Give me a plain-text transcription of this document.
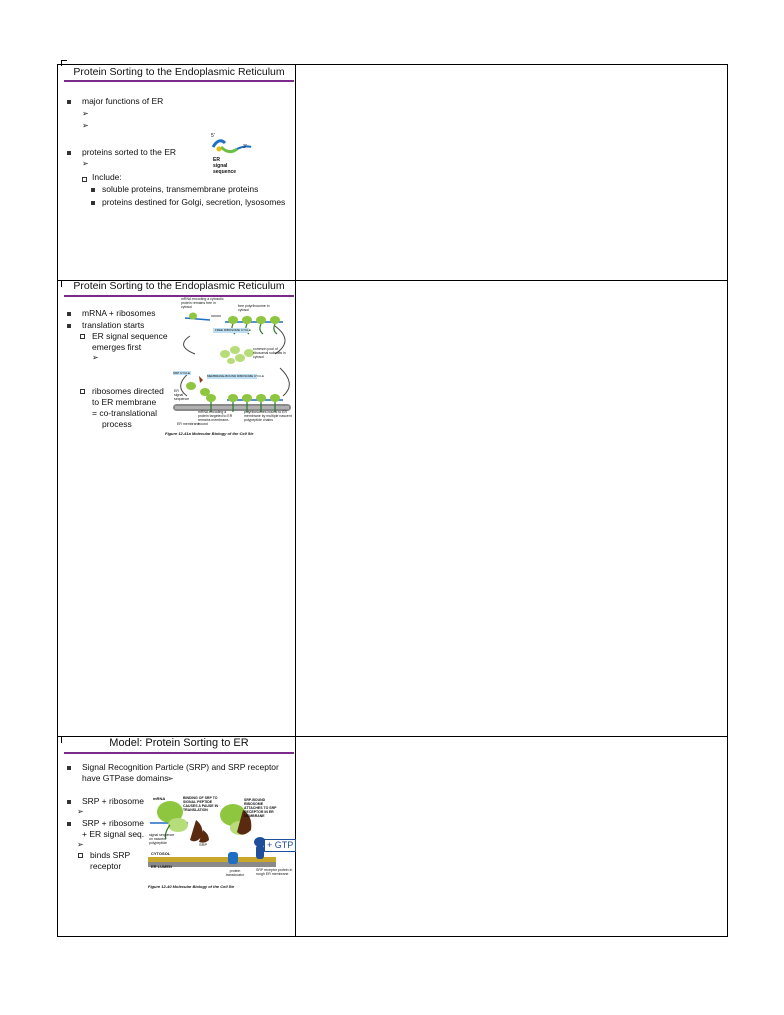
Protein Sorting to the Endoplasmic Reticulum
major functions of ER
➢
➢
proteins sorted to the ER
➢
Include:
soluble proteins, transmembrane proteins
proteins destined for Golgi, secretion, lysosomes
5'
3'
ER
signal
sequence
Protein Sorting to the Endoplasmic Reticulum
mRNA + ribosomes
translation starts
ER signal sequence
emerges first
➢
ribosomes directed
to ER membrane
= co-translational
process
mRNA encoding a cytosolic protein remains free in cytosol	free polyribosome in cytosol
FREE RIBOSOME CYCLE
common pool of ribosomal subunits in cytosol
MEMBRANE-BOUND RIBOSOME CYCLE
SRP CYCLE
ER signal sequence
mRNA encoding a protein targeted to ER remains membrane-bound
polyribosomes bound to ER membrane by multiple nascent polypeptide chains
ER membrane
Figure 12-41a Molecular Biology of the Cell 5/e
Model: Protein Sorting to ER
Signal Recognition Particle (SRP) and SRP receptor
have GTPase domains
➢
SRP + ribosome
➢
SRP + ribosome
+ ER signal seq.
➢
binds SRP
receptor
mRNA	BINDING OF SRP TO SIGNAL PEPTIDE CAUSES A PAUSE IN TRANSLATION
SRP-BOUND RIBOSOME ATTACHES TO SRP RECEPTOR IN ER MEMBRANE
signal sequence on nascent polypeptide	SRP
CYTOSOL
ER LUMEN
protein translocator
SRP receptor protein in rough ER membrane
+ GTP
Figure 12-40 Molecular Biology of the Cell 5/e
